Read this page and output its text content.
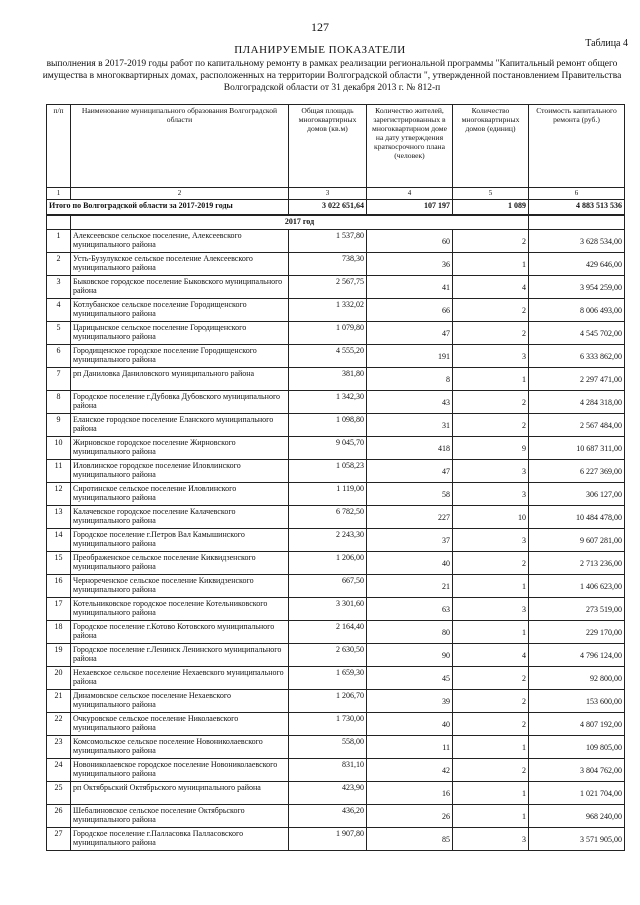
127
Таблица 4
ПЛАНИРУЕМЫЕ ПОКАЗАТЕЛИ
выполнения в 2017-2019 годы работ по капитальному ремонту в рамках реализации региональной программы "Капитальный ремонт общего имущества в многоквартирных домах, расположенных на территории Волгоградской области ", утвержденной постановлением Правительства Волгоградской области от 31 декабря 2013 г. № 812-п
п/п	Наименование муниципального образования Волгоградской области	Общая площадь многоквартирных домов (кв.м)	Количество жителей, зарегистрированных в многоквартирном доме на дату утверждения краткосрочного плана (человек)	Количество многоквартирных домов (единиц)	Стоимость капитального ремонта (руб.)
1	2	3	4	5	6
Итого по Волгоградской области за 2017-2019 годы		3 022 651,64	107 197	1 089	4 883 513 536
	2017 год				
1	Алексеевское сельское поселение, Алексеевского муниципального района	1 537,80	60	2	3 628 534,00
2	Усть-Бузулукское сельское поселение Алексеевского муниципального района	738,30	36	1	429 646,00
3	Быковское городское поселение Быковского муниципального района	2 567,75	41	4	3 954 259,00
4	Котлубанское сельское поселение Городищенского муниципального района	1 332,02	66	2	8 006 493,00
5	Царицынское сельское поселение Городищенского муниципального района	1 079,80	47	2	4 545 702,00
6	Городищенское городское поселение Городищенского муниципального района	4 555,20	191	3	6 333 862,00
7	рп Даниловка Даниловского муниципального района	381,80	8	1	2 297 471,00
8	Городское поселение г.Дубовка Дубовского муниципального района	1 342,30	43	2	4 284 318,00
9	Еланское городское поселение Еланского муниципального района	1 098,80	31	2	2 567 484,00
10	Жирновское городское поселение Жирновского муниципального района	9 045,70	418	9	10 687 311,00
11	Иловлинское городское поселение Иловлинского муниципального района	1 058,23	47	3	6 227 369,00
12	Сиротинское сельское поселение Иловлинского муниципального района	1 119,00	58	3	306 127,00
13	Калачевское городское поселение Калачевского муниципального района	6 782,50	227	10	10 484 478,00
14	Городское поселение г.Петров Вал Камышинского муниципального района	2 243,30	37	3	9 607 281,00
15	Преображенское сельское поселение Киквидзенского муниципального района	1 206,00	40	2	2 713 236,00
16	Чернореченское сельское поселение Киквидзенского муниципального района	667,50	21	1	1 406 623,00
17	Котельниковское городское поселение Котельниковского муниципального района	3 301,60	63	3	273 519,00
18	Городское поселение г.Котово Котовского муниципального района	2 164,40	80	1	229 170,00
19	Городское поселение г.Ленинск Ленинского муниципального района	2 630,50	90	4	4 796 124,00
20	Нехаевское сельское поселение Нехаевского муниципального района	1 659,30	45	2	92 800,00
21	Динамовское сельское поселение Нехаевского муниципального района	1 206,70	39	2	153 600,00
22	Очкуровское сельское поселение Николаевского муниципального района	1 730,00	40	2	4 807 192,00
23	Комсомольское сельское поселение Новониколаевского муниципального района	558,00	11	1	109 805,00
24	Новониколаевское городское поселение Новониколаевского муниципального района	831,10	42	2	3 804 762,00
25	рп Октябрьский Октябрьского муниципального района	423,90	16	1	1 021 704,00
26	Шебалиновское сельское поселение Октябрьского муниципального района	436,20	26	1	968 240,00
27	Городское поселение г.Палласовка Палласовского муниципального района	1 907,80	85	3	3 571 905,00
